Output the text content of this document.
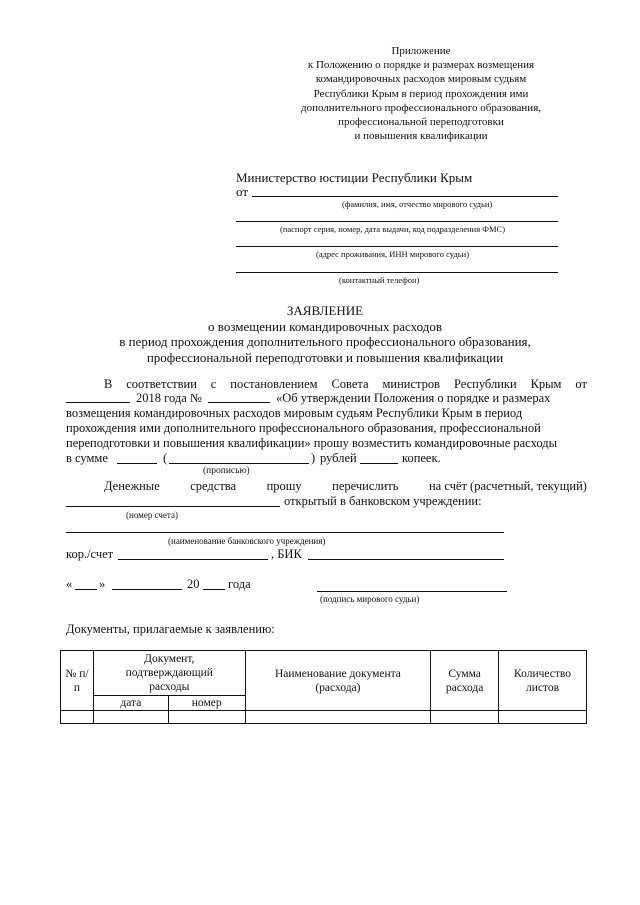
Приложение
к Положению о порядке и размерах возмещения
командировочных расходов мировым судьям
Республики Крым в период прохождения ими
дополнительного профессионального образования,
профессиональной переподготовки
и повышения квалификации
Министерство юстиции Республики Крым
от
(фамилия, имя, отчество мирового судьи)
(паспорт серия, номер, дата выдачи, код подразделения ФМС)
(адрес проживания, ИНН мирового судьи)
(контактный телефон)
ЗАЯВЛЕНИЕ
о возмещении командировочных расходов
в период прохождения дополнительного профессионального образования,
профессиональной переподготовки и повышения квалификации
В соответствии с постановлением Совета министров Республики Крым от
2018 года №	«Об утверждении Положения о порядке и размерах
возмещения командировочных расходов мировым судьям Республики Крым в период
прохождения ими дополнительного профессионального образования, профессиональной
переподготовки и повышения квалификации» прошу возместить командировочные расходы
в сумме	(	) рублей	копеек.
(прописью)
Денежные средства прошу перечислить на счёт (расчетный, текущий)
открытый в банковском учреждении:
(номер счета)
(наименование банковского учреждения)
кор./счет	, БИК
« »	20 года
(подпись мирового судьи)
Документы, прилагаемые к заявлению:
№ п/п	Документ, подтверждающий расходы		Наименование документа (расхода)	Сумма расхода	Количество листов
	дата	номер			
